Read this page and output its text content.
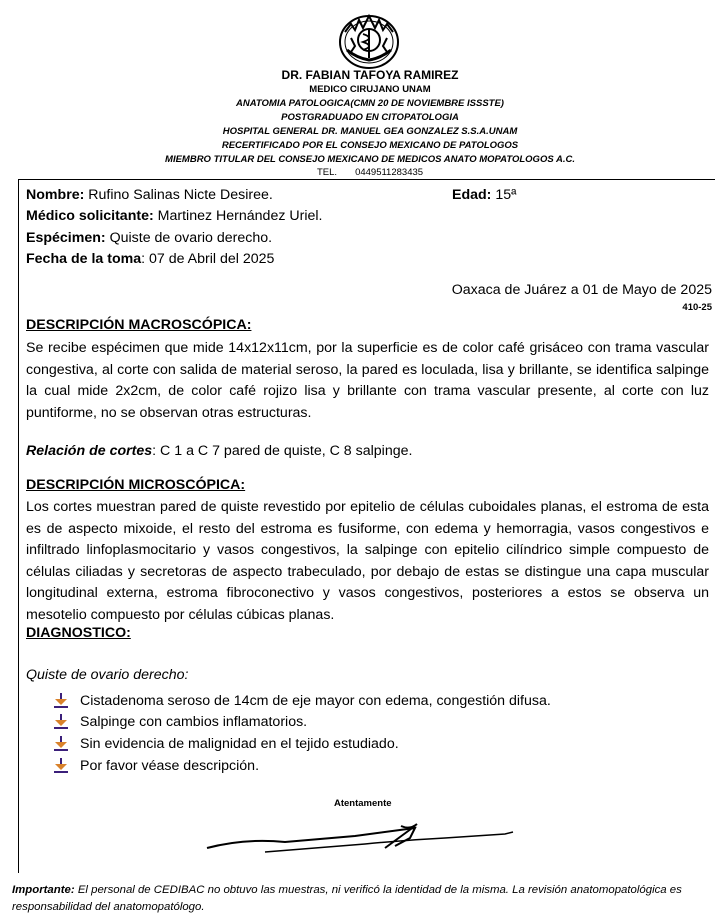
DR. FABIAN TAFOYA RAMIREZ
MEDICO CIRUJANO UNAM
ANATOMIA PATOLOGICA(CMN 20 DE NOVIEMBRE ISSSTE)
POSTGRADUADO EN CITOPATOLOGIA
HOSPITAL GENERAL DR. MANUEL GEA GONZALEZ S.S.A.UNAM
RECERTIFICADO POR EL CONSEJO MEXICANO DE PATOLOGOS
MIEMBRO TITULAR DEL CONSEJO MEXICANO DE MEDICOS ANATO MOPATOLOGOS A.C.
TEL. 0449511283435
Nombre: Rufino Salinas Nicte Desiree.	Edad: 15ª
Médico solicitante: Martinez Hernández Uriel.
Espécimen: Quiste de ovario derecho.
Fecha de la toma: 07 de Abril del 2025
Oaxaca de Juárez a 01 de Mayo de 2025
410-25
DESCRIPCIÓN MACROSCÓPICA:
Se recibe espécimen que mide 14x12x11cm, por la superficie es de color café grisáceo con trama vascular congestiva, al corte con salida de material seroso, la pared es loculada, lisa y brillante, se identifica salpinge la cual mide 2x2cm, de color café rojizo lisa y brillante con trama vascular presente, al corte con luz puntiforme, no se observan otras estructuras.
Relación de cortes: C 1 a C 7 pared de quiste, C 8 salpinge.
DESCRIPCIÓN MICROSCÓPICA:
Los cortes muestran pared de quiste revestido por epitelio de células cuboidales planas, el estroma de esta es de aspecto mixoide, el resto del estroma es fusiforme, con edema y hemorragia, vasos congestivos e infiltrado linfoplasmocitario y vasos congestivos, la salpinge con epitelio cilíndrico simple compuesto de células ciliadas y secretoras de aspecto trabeculado, por debajo de estas se distingue una capa muscular longitudinal externa, estroma fibroconectivo y vasos congestivos, posteriores a estos se observa un mesotelio compuesto por células cúbicas planas.
DIAGNOSTICO:
Quiste de ovario derecho:
Cistadenoma seroso de 14cm de eje mayor con edema, congestión difusa.
Salpinge con cambios inflamatorios.
Sin evidencia de malignidad en el tejido estudiado.
Por favor véase descripción.
Atentamente
Importante: El personal de CEDIBAC no obtuvo las muestras, ni verificó la identidad de la misma. La revisión anatomopatológica es responsabilidad del anatomopatólogo.
